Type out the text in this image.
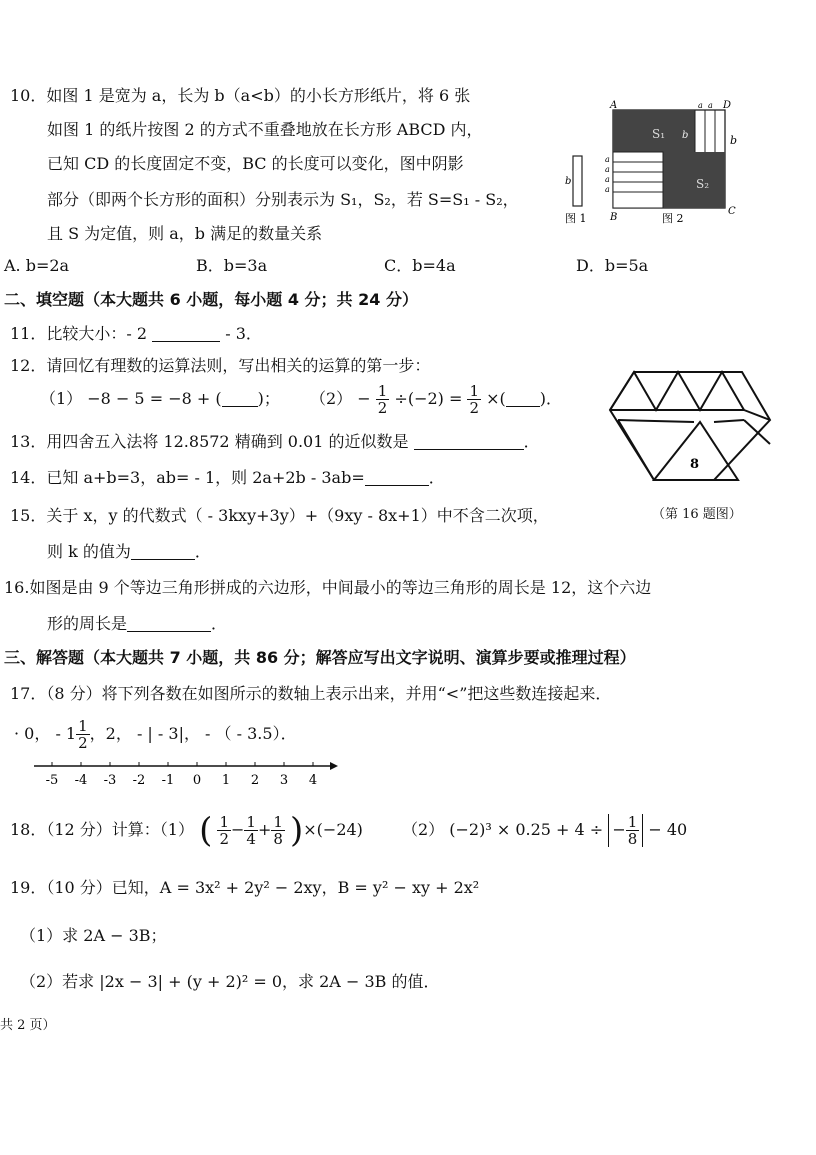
10．如图 1 是宽为 a，长为 b（a<b）的小长方形纸片，将 6 张
如图 1 的纸片按图 2 的方式不重叠地放在长方形 ABCD 内，
已知 CD 的长度固定不变，BC 的长度可以变化，图中阴影
部分（即两个长方形的面积）分别表示为 S₁，S₂，若 S=S₁ - S₂，
且 S 为定值，则 a，b 满足的数量关系
b
图 1
A	D
B
C
S₁
S₂
b	b
a
a
a
a
a a
图 2
A. b=2a	B．b=3a	C．b=4a	D．b=5a
二、填空题（本大题共 6 小题，每小题 4 分；共 24 分）
11．比较大小：- 2	- 3．
12．请回忆有理数的运算法则，写出相关的运算的第一步：
（1） −8 − 5 = −8 + ( )； $(2) - \frac{1}{2} \div(-2) = \frac{1}{2}$ ×( )．
8
（第 16 题图）
13．用四舍五入法将 12.8572 精确到 0.01 的近似数是	．
14．已知 a+b=3，ab= - 1，则 2a+2b - 3ab=	．
15．关于 x，y 的代数式（ - 3kxy+3y）+（9xy - 8x+1）中不含二次项，
则 k 的值为	．
16.如图是由 9 个等边三角形拼成的六边形，中间最小的等边三角形的周长是 12，这个六边
形的周长是	．
三、解答题（本大题共 7 小题，共 86 分；解答应写出文字说明、演算步要或推理过程）
17．（8 分）将下列各数在如图所示的数轴上表示出来，并用“<”把这些数连接起来．
· 0， - $1 \frac{1}{2}$ ，2， - | - 3|， - （ - 3.5）．
-5 -4 -3 -2 -1 0 1 2 3 4
18．（12 分）计算：（1） ( $\frac{1}{2} - \frac{1}{4} + \frac{1}{8} )\times(-24)$ （2） (−2)³ × 0.25 + 4 ÷ − $\frac{1}{8} - 40$
19．（10 分）已知，A = 3x² + 2y² − 2xy，B = y² − xy + 2x²
（1）求 2A − 3B；
（2）若求 |2x − 3| + (y + 2)² = 0，求 2A − 3B 的值．
共 2 页）
